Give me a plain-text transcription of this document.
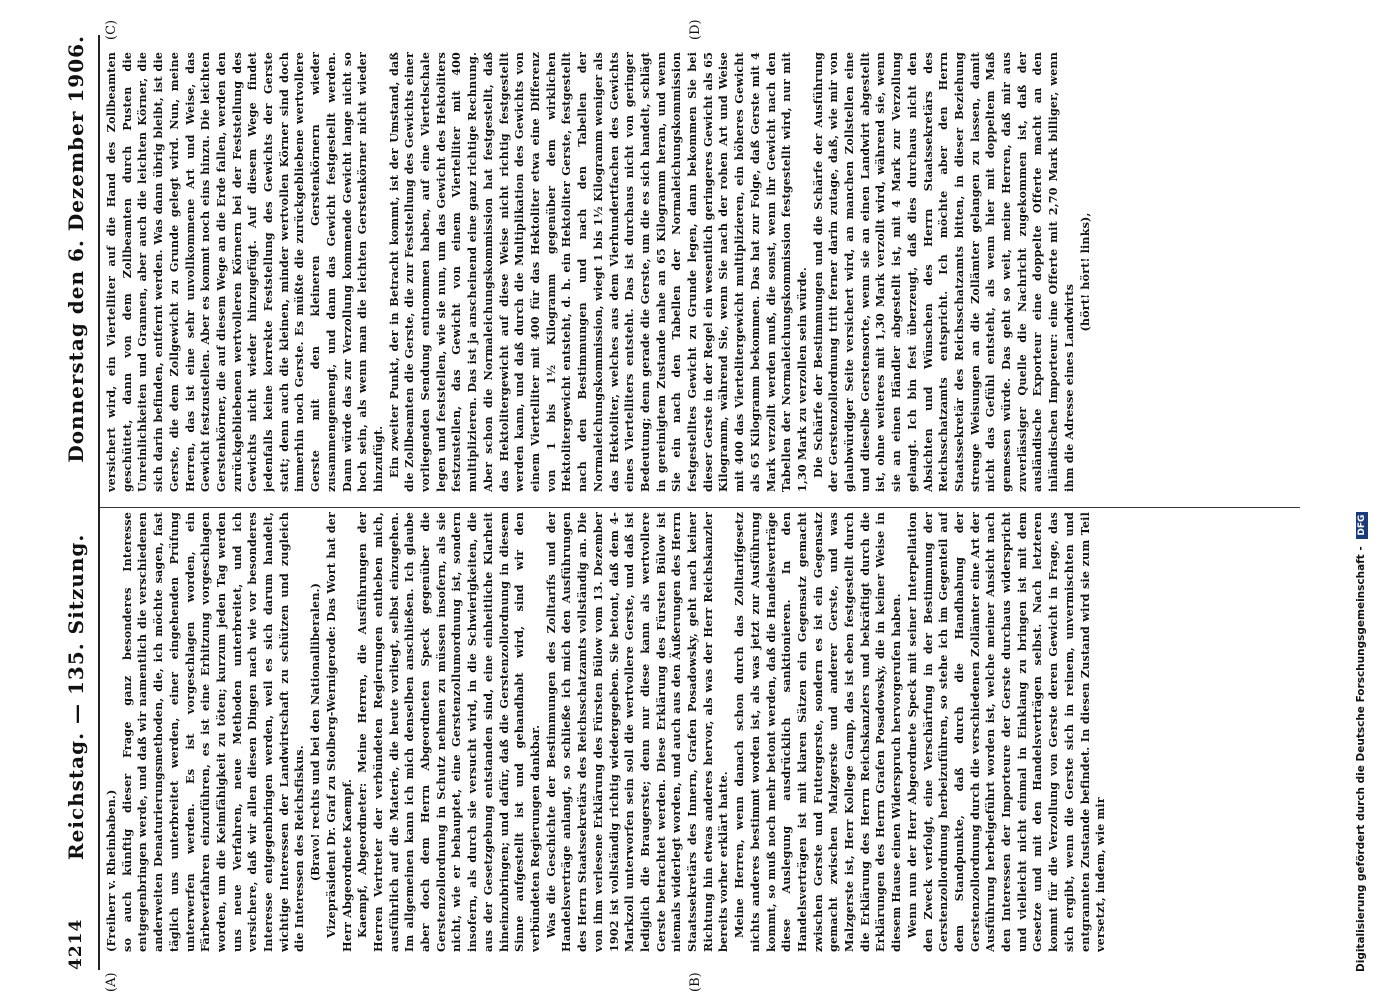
4214
Reichstag. — 135. Sitzung.
Donnerstag den 6. Dezember 1906.
(A)	(B)
(C)	(D)

(Freiherr v. Rheinbaben.) so auch künftig dieser Frage ganz besonderes Interesse entgegenbringen werde, und daß wir namentlich die verschiedenen anderweiten Denaturierungsmethoden, die, ich möchte sagen, fast täglich uns unterbreitet werden, einer eingehenden Prüfung unterwerfen werden. Es ist vorgeschlagen worden, ein Färbeverfahren einzuführen, es ist eine Erhitzung vorgeschlagen worden, um die Keimfähigkeit zu töten; kurzum jeden Tag werden uns neue Verfahren, neue Methoden unterbreitet, und ich versichere, daß wir allen diesen Dingen nach wie vor besonderes Interesse entgegenbringen werden, weil es sich darum handelt, wichtige Interessen der Landwirtschaft zu schützen und zugleich die Interessen des Reichsfiskus. (Bravo! rechts und bei den Nationalliberalen.) Vizepräsident Dr. Graf zu Stolberg-Wernigerode: Das Wort hat der Herr Abgeordnete Kaempf. Kaempf, Abgeordneter: Meine Herren, die Ausführungen der Herren Vertreter der verbündeten Regierungen entheben mich, ausführlich auf die Materie, die heute vorliegt, selbst einzugehen. Im allgemeinen kann ich mich denselben anschließen. Ich glaube aber doch dem Herrn Abgeordneten Speck gegenüber die Gerstenzollordnung in Schutz nehmen zu müssen insofern, als sie nicht, wie er behauptet, eine Gerstenzollumordnung ist, sondern insofern, als durch sie versucht wird, in die Schwierigkeiten, die aus der Gesetzgebung entstanden sind, eine einheitliche Klarheit hineinzubringen; und dafür, daß die Gerstenzollordnung in diesem Sinne aufgestellt ist und gehandhabt wird, sind wir den verbündeten Regierungen dankbar. Was die Geschichte der Bestimmungen des Zolltarifs und der Handelsverträge anlangt, so schließe ich mich den Ausführungen des Herrn Staatssekretärs des Reichsschatzamts vollständig an. Die von ihm verlesene Erklärung des Fürsten Bülow vom 13. Dezember 1902 ist vollständig richtig wiedergegeben. Sie betont, daß dem 4-Markzoll unterworfen sein soll die wertvollere Gerste, und daß ist lediglich die Braugerste; denn nur diese kann als wertvollere Gerste betrachtet werden. Diese Erklärung des Fürsten Bülow ist niemals widerlegt worden, und auch aus den Äußerungen des Herrn Staatssekretärs des Innern, Grafen Posadowsky, geht nach keiner Richtung hin etwas anderes hervor, als was der Herr Reichskanzler bereits vorher erklärt hatte. Meine Herren, wenn danach schon durch das Zolltarifgesetz nichts anderes bestimmt worden ist, als was jetzt zur Ausführung kommt, so muß noch mehr betont werden, daß die Handelsverträge diese Auslegung ausdrücklich sanktionieren. In den Handelsverträgen ist mit klaren Sätzen ein Gegensatz gemacht zwischen Gerste und Futtergerste, sondern es ist ein Gegensatz gemacht zwischen Malzgerste und anderer Gerste, und was Malzgerste ist, Herr Kollege Gamp, das ist eben festgestellt durch die Erklärung des Herrn Reichskanzlers und bekräftigt durch die Erklärungen des Herrn Grafen Posadowsky, die in keiner Weise in diesem Hause einen Widerspruch hervorgerufen haben. Wenn nun der Herr Abgeordnete Speck mit seiner Interpellation den Zweck verfolgt, eine Verschärfung in der Bestimmung der Gerstenzollordnung herbeizuführen, so stehe ich im Gegenteil auf dem Standpunkte, daß durch die Handhabung der Gerstenzollordnung durch die verschiedenen Zollämter eine Art der Ausführung herbeigeführt worden ist, welche meiner Ansicht nach den Interessen der Importeure der Gerste durchaus widerspricht und vielleicht nicht einmal in Einklang zu bringen ist mit dem Gesetze und mit den Handelsverträgen selbst. Nach letzteren kommt für die Verzollung von Gerste deren Gewicht in Frage, das sich ergibt, wenn die Gerste sich in reinem, unvermischten und entgrannten Zustande befindet. In diesen Zustand wird sie zum Teil versetzt, indem, wie mir

versichert wird, ein Viertelliter auf die Hand des Zollbeamten geschüttet, dann von dem Zollbeamten durch Pusten die Unreinlichkeiten und Grannen, aber auch die leichten Körner, die sich darin befinden, entfernt werden. Was dann übrig bleibt, ist die Gerste, die dem Zollgewicht zu Grunde gelegt wird. Nun, meine Herren, das ist eine sehr unvollkommene Art und Weise, das Gewicht festzustellen. Aber es kommt noch eins hinzu. Die leichten Gerstenkörner, die auf diesem Wege an die Erde fallen, werden den zurückgebliebenen wertvolleren Körnern bei der Feststellung des Gewichts nicht wieder hinzugefügt. Auf diesem Wege findet jedenfalls keine korrekte Feststellung des Gewichts der Gerste statt; denn auch die kleinen, minder wertvollen Körner sind doch immerhin noch Gerste. Es müßte die zurückgebliebene wertvollere Gerste mit den kleineren Gerstenkörnern wieder zusammengemengt, und dann das Gewicht festgestellt werden. Dann würde das zur Verzollung kommende Gewicht lange nicht so hoch sein, als wenn man die leichten Gerstenkörner nicht wieder hinzufügt. Ein zweiter Punkt, der in Betracht kommt, ist der Umstand, daß die Zollbeamten die Gerste, die zur Feststellung des Gewichts einer vorliegenden Sendung entnommen haben, auf eine Viertelschale legen und feststellen, wie sie nun, um das Gewicht des Hektoliters festzustellen, das Gewicht von einem Viertelliter mit 400 multiplizieren. Das ist ja anscheinend eine ganz richtige Rechnung. Aber schon die Normaleichungskommission hat festgestellt, daß das Hektolitergewicht auf diese Weise nicht richtig festgestellt werden kann, und daß durch die Multiplikation des Gewichts von einem Viertelliter mit 400 für das Hektoliter etwa eine Differenz von 1 bis 1½ Kilogramm gegenüber dem wirklichen Hektolitergewicht entsteht, d. h. ein Hektoliter Gerste, festgestellt nach den Bestimmungen und nach den Tabellen der Normaleichungskommission, wiegt 1 bis 1½ Kilogramm weniger als das Hektoliter, welches aus dem Vierhundertfachen des Gewichts eines Viertelliters entsteht. Das ist durchaus nicht von geringer Bedeutung; denn gerade die Gerste, um die es sich handelt, schlägt in gereinigtem Zustande nahe an 65 Kilogramm heran, und wenn Sie ein nach den Tabellen der Normaleichungskommission festgestelltes Gewicht zu Grunde legen, dann bekommen Sie bei dieser Gerste in der Regel ein wesentlich geringeres Gewicht als 65 Kilogramm, während Sie, wenn Sie nach der rohen Art und Weise mit 400 das Viertelitergewicht multiplizieren, ein höheres Gewicht als 65 Kilogramm bekommen. Das hat zur Folge, daß Gerste mit 4 Mark verzollt werden muß, die sonst, wenn ihr Gewicht nach den Tabellen der Normaleichungskommission festgestellt wird, nur mit 1,30 Mark zu verzollen sein würde. Die Schärfe der Bestimmungen und die Schärfe der Ausführung der Gerstenzollordnung tritt ferner darin zutage, daß, wie mir von glaubwürdiger Seite versichert wird, an manchen Zollstellen eine und dieselbe Gerstensorte, wenn sie an einen Landwirt abgestellt ist, ohne weiteres mit 1,30 Mark verzollt wird, während sie, wenn sie an einen Händler abgestellt ist, mit 4 Mark zur Verzollung gelangt. Ich bin fest überzeugt, daß dies durchaus nicht den Absichten und Wünschen des Herrn Staatssekretärs des Reichsschatzamts entspricht. Ich möchte aber den Herrn Staatssekretär des Reichsschatzamts bitten, in dieser Beziehung strenge Weisungen an die Zollämter gelangen zu lassen, damit nicht das Gefühl entsteht, als wenn hier mit doppeltem Maß gemessen würde. Das geht so weit, meine Herren, daß mir aus zuverlässiger Quelle die Nachricht zugekommen ist, daß der ausländische Exporteur eine doppelte Offerte macht an den inländischen Importeur: eine Offerte mit 2,70 Mark billiger, wenn ihm die Adresse eines Landwirts

(hört! hört! links),

Digitalisierung gefördert durch die Deutsche Forschungsgemeinschaft - DFG
